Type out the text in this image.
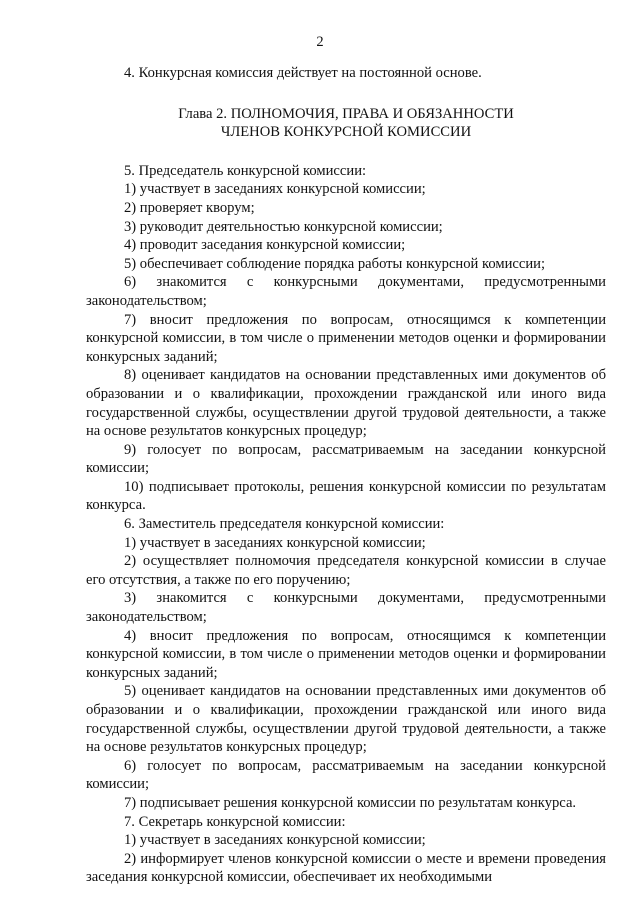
2

4. Конкурсная комиссия действует на постоянной основе.

Глава 2. ПОЛНОМОЧИЯ, ПРАВА И ОБЯЗАННОСТИ
ЧЛЕНОВ КОНКУРСНОЙ КОМИССИИ

5. Председатель конкурсной комиссии:

1) участвует в заседаниях конкурсной комиссии;

2) проверяет кворум;

3) руководит деятельностью конкурсной комиссии;

4) проводит заседания конкурсной комиссии;

5) обеспечивает соблюдение порядка работы конкурсной комиссии;

6) знакомится с конкурсными документами, предусмотренными законодательством;

7) вносит предложения по вопросам, относящимся к компетенции конкурсной комиссии, в том числе о применении методов оценки и формировании конкурсных заданий;

8) оценивает кандидатов на основании представленных ими документов об образовании и о квалификации, прохождении гражданской или иного вида государственной службы, осуществлении другой трудовой деятельности, а также на основе результатов конкурсных процедур;

9) голосует по вопросам, рассматриваемым на заседании конкурсной комиссии;

10) подписывает протоколы, решения конкурсной комиссии по результатам конкурса.

6. Заместитель председателя конкурсной комиссии:

1) участвует в заседаниях конкурсной комиссии;

2) осуществляет полномочия председателя конкурсной комиссии в случае его отсутствия, а также по его поручению;

3) знакомится с конкурсными документами, предусмотренными законодательством;

4) вносит предложения по вопросам, относящимся к компетенции конкурсной комиссии, в том числе о применении методов оценки и формировании конкурсных заданий;

5) оценивает кандидатов на основании представленных ими документов об образовании и о квалификации, прохождении гражданской или иного вида государственной службы, осуществлении другой трудовой деятельности, а также на основе результатов конкурсных процедур;

6) голосует по вопросам, рассматриваемым на заседании конкурсной комиссии;

7) подписывает решения конкурсной комиссии по результатам конкурса.

7. Секретарь конкурсной комиссии:

1) участвует в заседаниях конкурсной комиссии;

2) информирует членов конкурсной комиссии о месте и времени проведения заседания конкурсной комиссии, обеспечивает их необходимыми
